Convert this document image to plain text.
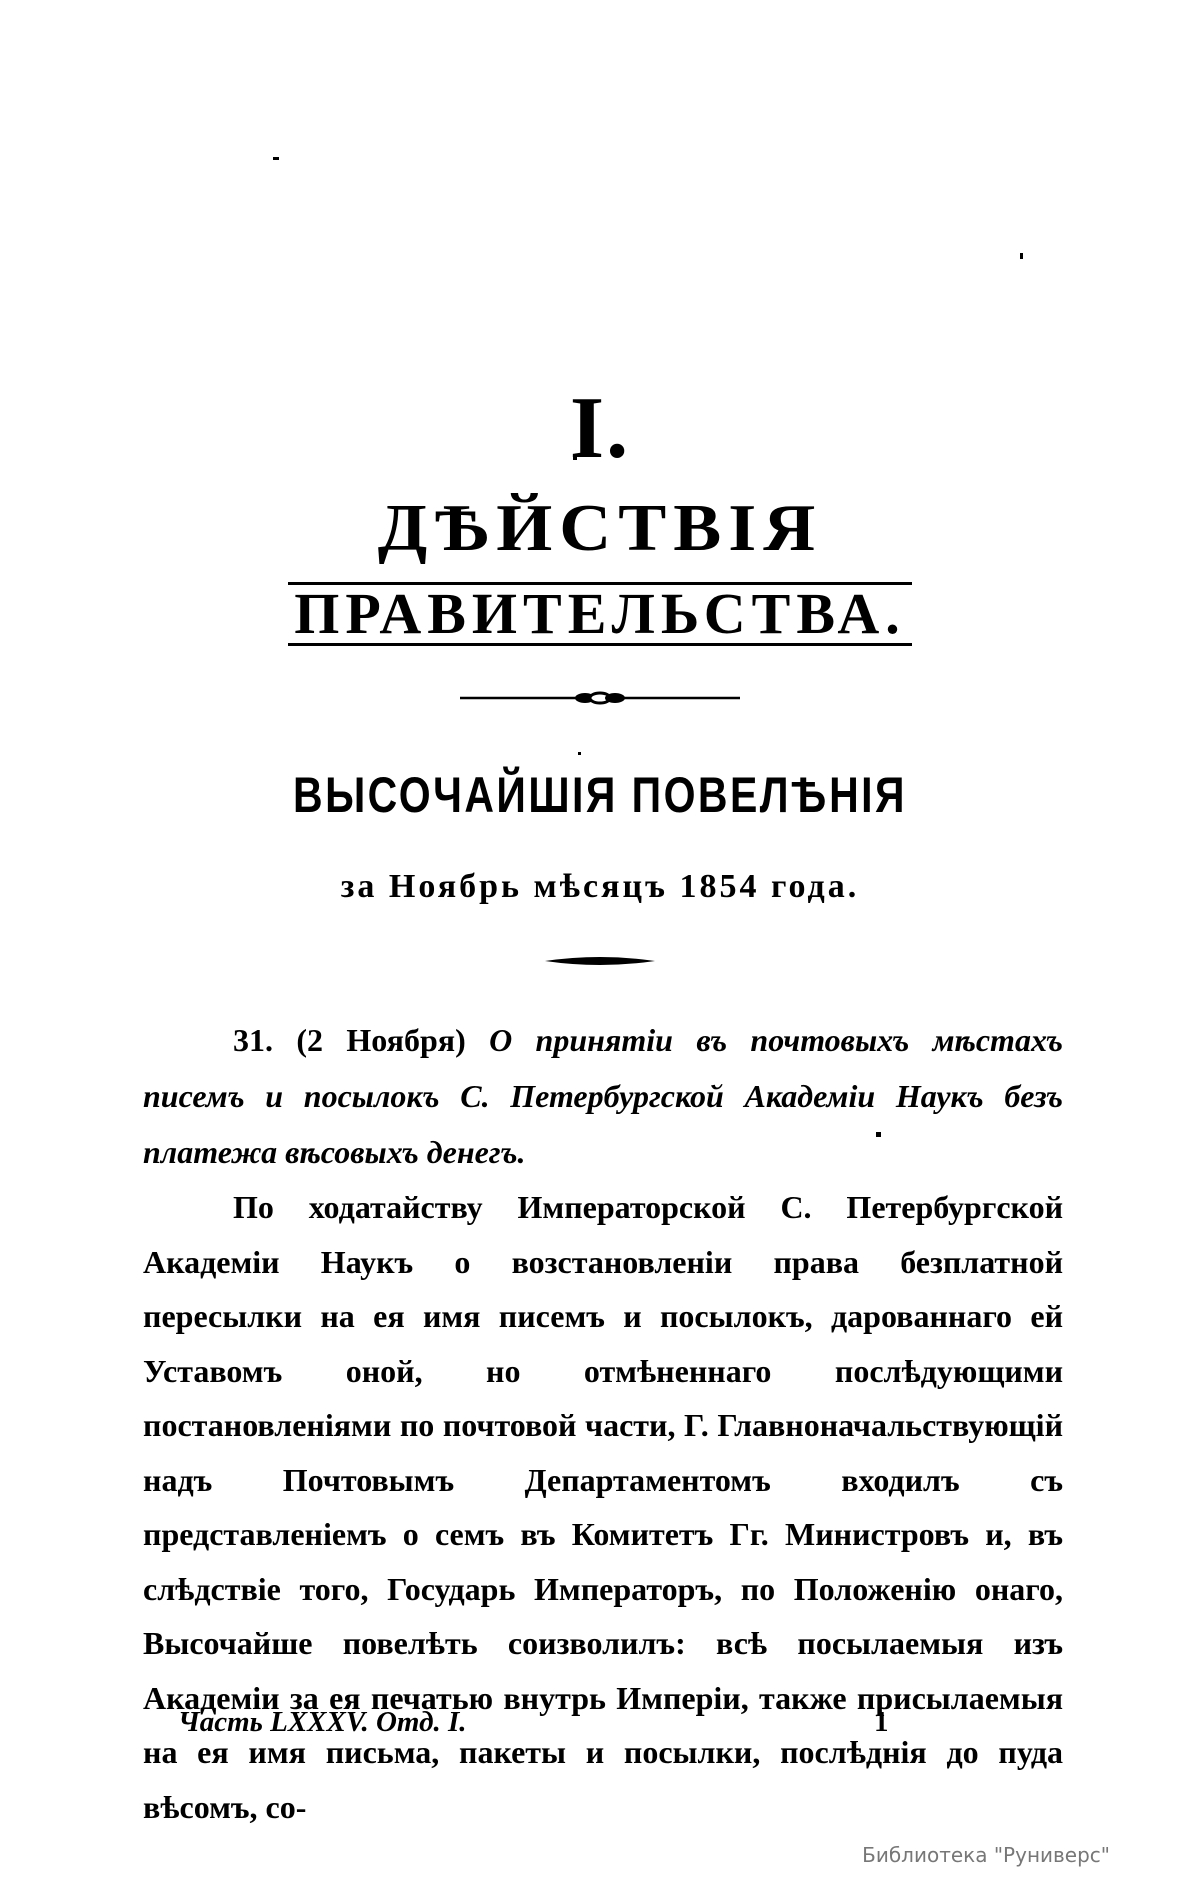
I.
ДѢЙСТВІЯ
ПРАВИТЕЛЬСТВА.
ВЫСОЧАЙШІЯ ПОВЕЛѢНІЯ
за Ноябрь мѣсяцъ 1854 года.
31. (2 Ноября) О принятіи въ почтовыхъ мѣстахъ писемъ и посылокъ С. Петербургской Академіи Наукъ безъ платежа вѣсовыхъ денегъ.
По ходатайству Императорской С. Петербургской Академіи Наукъ о возстановленіи права безплатной пересылки на ея имя писемъ и посылокъ, дарованнаго ей Уставомъ оной, но отмѣненнаго послѣдующими постановленіями по почтовой части, Г. Главноначальствующій надъ Почтовымъ Департаментомъ входилъ съ представленіемъ о семъ въ Комитетъ Гг. Министровъ и, въ слѣдствіе того, Государь Императоръ, по Положенію онаго, Высочайше повелѣть соизволилъ: всѣ посылаемыя изъ Академіи за ея печатью внутрь Имперіи, также присылаемыя на ея имя письма, пакеты и посылки, послѣднія до пуда вѣсомъ, со-
Часть LXXXV. Отд. I.	1
Библиотека "Руниверс"
